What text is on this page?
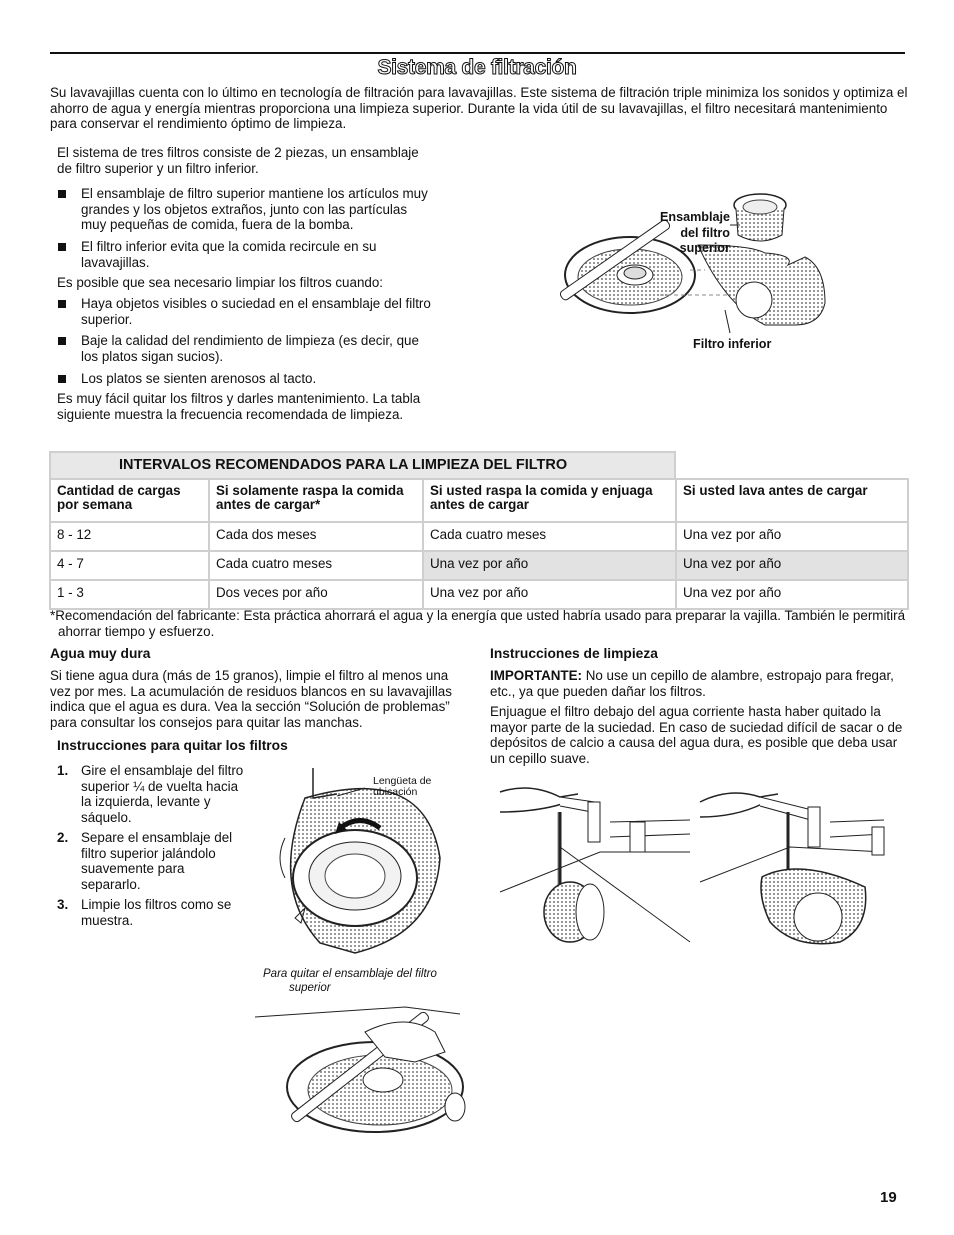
Sistema de filtración

Su lavavajillas cuenta con lo último en tecnología de filtración para lavavajillas. Este sistema de filtración triple minimiza los sonidos y optimiza el ahorro de agua y energía mientras proporciona una limpieza superior. Durante la vida útil de su lavavajillas, el filtro necesitará mantenimiento para conservar el rendimiento óptimo de limpieza.

El sistema de tres filtros consiste de 2 piezas, un ensamblaje de filtro superior y un filtro inferior.

El ensamblaje de filtro superior mantiene los artículos muy grandes y los objetos extraños, junto con las partículas muy pequeñas de comida, fuera de la bomba.
El filtro inferior evita que la comida recircule en su lavavajillas.

Es posible que sea necesario limpiar los filtros cuando:

Haya objetos visibles o suciedad en el ensamblaje del filtro superior.
Baje la calidad del rendimiento de limpieza (es decir, que los platos sigan sucios).
Los platos se sienten arenosos al tacto.

Es muy fácil quitar los filtros y darles mantenimiento. La tabla siguiente muestra la frecuencia recomendada de limpieza.

Ensamblaje del filtro superior
Filtro inferior
INTERVALOS RECOMENDADOS PARA LA LIMPIEZA DEL FILTRO
Cantidad de cargas por semana	Si solamente raspa la comida antes de cargar*	Si usted raspa la comida y enjuaga antes de cargar	Si usted lava antes de cargar
8 - 12	Cada dos meses	Cada cuatro meses	Una vez por año
4 - 7	Cada cuatro meses	Una vez por año	Una vez por año
1 - 3	Dos veces por año	Una vez por año	Una vez por año

*Recomendación del fabricante: Esta práctica ahorrará el agua y la energía que usted habría usado para preparar la vajilla. También le permitirá ahorrar tiempo y esfuerzo.

Agua muy dura

Si tiene agua dura (más de 15 granos), limpie el filtro al menos una vez por mes. La acumulación de residuos blancos en su lavavajillas indica que el agua es dura. Vea la sección “Solución de problemas” para consultar los consejos para quitar las manchas.

Instrucciones para quitar los filtros
1. Gire el ensamblaje del filtro superior ¼ de vuelta hacia la izquierda, levante y sáquelo.
2. Separe el ensamblaje del filtro superior jalándolo suavemente para separarlo.
3. Limpie los filtros como se muestra.
Lengüeta de ubicación
Para quitar el ensamblaje del filtro superior
Instrucciones de limpieza

IMPORTANTE: No use un cepillo de alambre, estropajo para fregar, etc., ya que pueden dañar los filtros.

Enjuague el filtro debajo del agua corriente hasta haber quitado la mayor parte de la suciedad. En caso de suciedad difícil de sacar o de depósitos de calcio a causa del agua dura, es posible que deba usar un cepillo suave.

19
